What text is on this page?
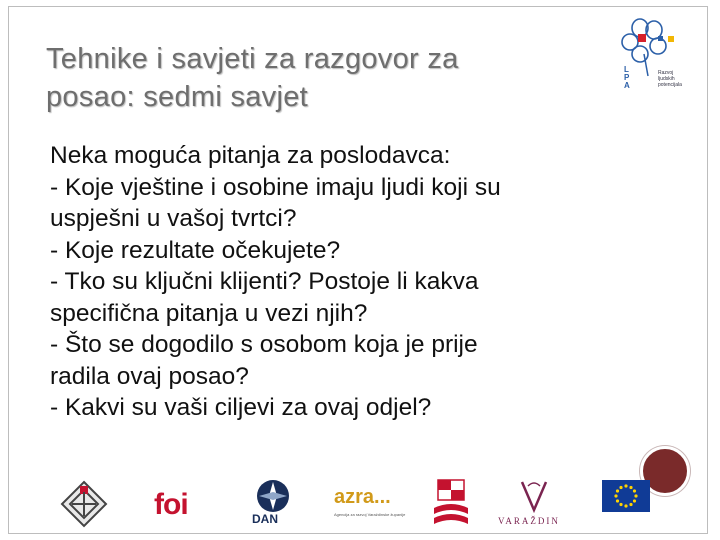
Tehnike i savjeti za razgovor za
posao: sedmi savjet
L
P
A
Razvoj
ljudskih
potencijala
Neka moguća pitanja za poslodavca:
- Koje vještine i osobine imaju ljudi koji su
uspješni u vašoj tvrtci?
- Koje rezultate očekujete?
- Tko su ključni klijenti? Postoje li kakva
specifična pitanja u vezi njih?
- Što se dogodilo s osobom koja je prije
radila ovaj posao?
- Kakvi su vaši ciljevi za ovaj odjel?
foi	DAN
azra...
Agencija za razvoj Varaždinske županije
VARAŽDIN
